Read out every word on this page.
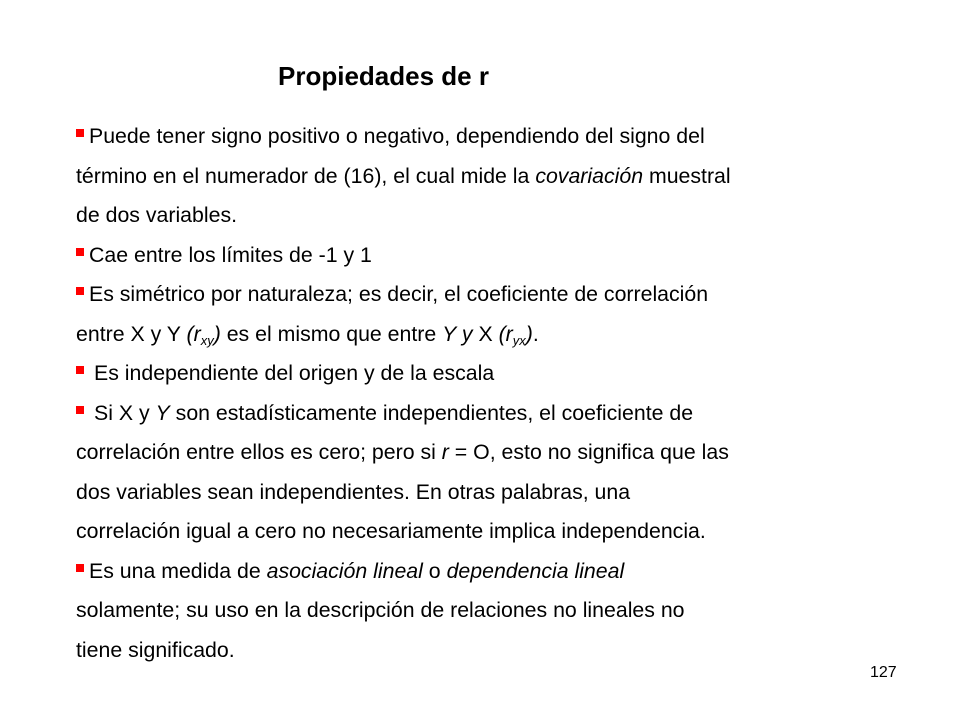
Propiedades de r
Puede tener signo positivo o negativo, dependiendo del signo del
término en el numerador de (16), el cual mide la covariación muestral
de dos variables.
Cae entre los límites de -1 y 1
Es simétrico por naturaleza; es decir, el coeficiente de correlación
entre X y Y $(r_{xy})$ es el mismo que entre Y y X $(r_{yx})$.
Es independiente del origen y de la escala
Si X y Y son estadísticamente independientes, el coeficiente de
correlación entre ellos es cero; pero si r = O, esto no significa que las
dos variables sean independientes. En otras palabras, una
correlación igual a cero no necesariamente implica independencia.
Es una medida de asociación lineal o dependencia lineal
solamente; su uso en la descripción de relaciones no lineales no
tiene significado.
127
